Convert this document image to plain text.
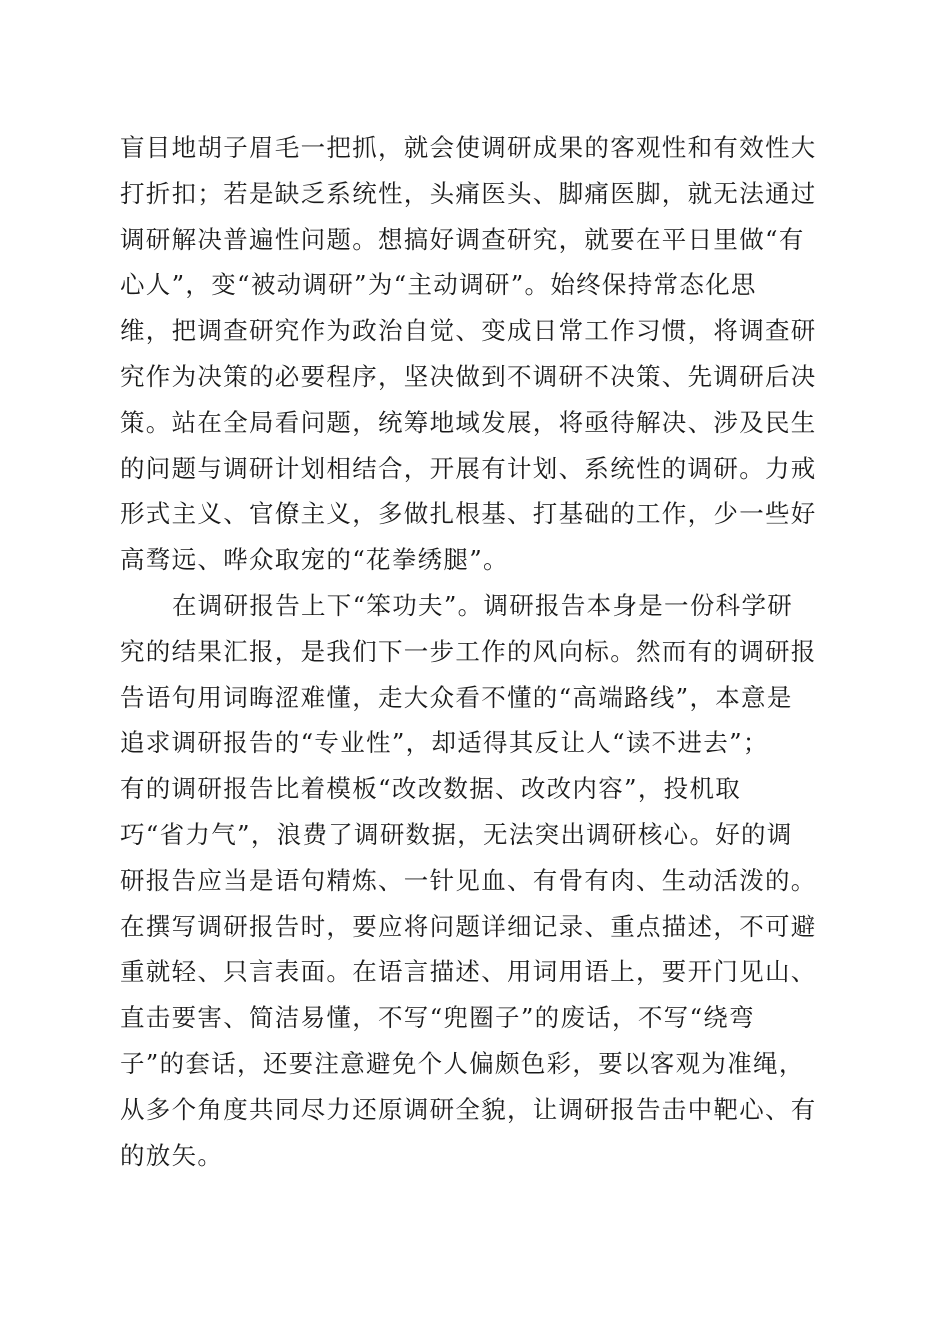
盲目地胡子眉毛一把抓，就会使调研成果的客观性和有效性大
打折扣；若是缺乏系统性，头痛医头、脚痛医脚，就无法通过
调研解决普遍性问题。想搞好调查研究，就要在平日里做“有
心人”，变“被动调研”为“主动调研”。始终保持常态化思
维，把调查研究作为政治自觉、变成日常工作习惯，将调查研
究作为决策的必要程序，坚决做到不调研不决策、先调研后决
策。站在全局看问题，统筹地域发展，将亟待解决、涉及民生
的问题与调研计划相结合，开展有计划、系统性的调研。力戒
形式主义、官僚主义，多做扎根基、打基础的工作，少一些好
高骛远、哗众取宠的“花拳绣腿”。
在调研报告上下“笨功夫”。调研报告本身是一份科学研
究的结果汇报，是我们下一步工作的风向标。然而有的调研报
告语句用词晦涩难懂，走大众看不懂的“高端路线”，本意是
追求调研报告的“专业性”，却适得其反让人“读不进去”；
有的调研报告比着模板“改改数据、改改内容”，投机取
巧“省力气”，浪费了调研数据，无法突出调研核心。好的调
研报告应当是语句精炼、一针见血、有骨有肉、生动活泼的。
在撰写调研报告时，要应将问题详细记录、重点描述，不可避
重就轻、只言表面。在语言描述、用词用语上，要开门见山、
直击要害、简洁易懂，不写“兜圈子”的废话，不写“绕弯
子”的套话，还要注意避免个人偏颇色彩，要以客观为准绳，
从多个角度共同尽力还原调研全貌，让调研报告击中靶心、有
的放矢。
